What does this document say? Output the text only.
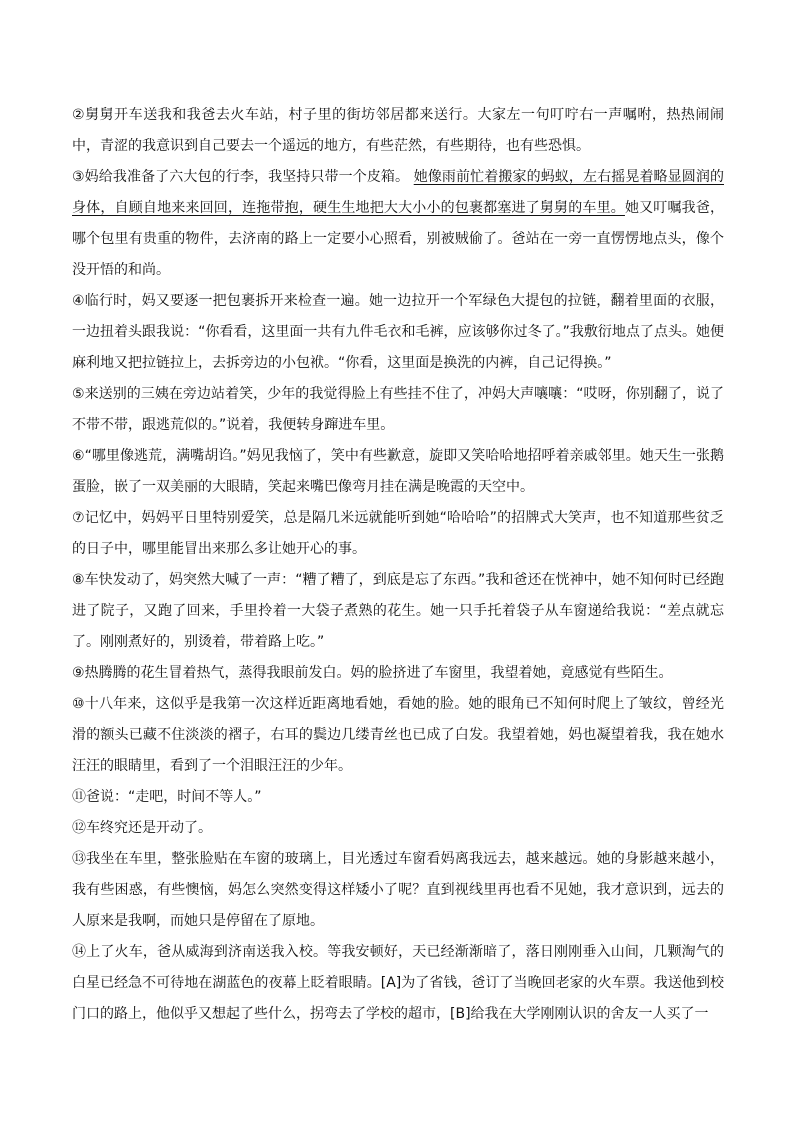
②舅舅开车送我和我爸去火车站，村子里的街坊邻居都来送行。大家左一句叮咛右一声嘱咐，热热闹闹中，青涩的我意识到自己要去一个遥远的地方，有些茫然，有些期待，也有些恐惧。

③妈给我准备了六大包的行李，我坚持只带一个皮箱。 她像雨前忙着搬家的蚂蚁，左右摇晃着略显圆润的身体，自顾自地来来回回，连拖带抱，硬生生地把大大小小的包裹都塞进了舅舅的车里。她又叮嘱我爸，哪个包里有贵重的物件，去济南的路上一定要小心照看，别被贼偷了。爸站在一旁一直愣愣地点头，像个没开悟的和尚。

④临行时，妈又要逐一把包裹拆开来检查一遍。她一边拉开一个军绿色大提包的拉链，翻着里面的衣服，一边扭着头跟我说：“你看看，这里面一共有九件毛衣和毛裤，应该够你过冬了。”我敷衍地点了点头。她便麻利地又把拉链拉上，去拆旁边的小包袱。“你看，这里面是换洗的内裤，自己记得换。”

⑤来送别的三姨在旁边站着笑，少年的我觉得脸上有些挂不住了，冲妈大声嚷嚷：“哎呀，你别翻了，说了不带不带，跟逃荒似的。”说着，我便转身蹿进车里。

⑥“哪里像逃荒，满嘴胡诌。”妈见我恼了，笑中有些歉意，旋即又笑哈哈地招呼着亲戚邻里。她天生一张鹅蛋脸，嵌了一双美丽的大眼睛，笑起来嘴巴像弯月挂在满是晚霞的天空中。

⑦记忆中，妈妈平日里特别爱笑，总是隔几米远就能听到她“哈哈哈”的招牌式大笑声，也不知道那些贫乏的日子中，哪里能冒出来那么多让她开心的事。

⑧车快发动了，妈突然大喊了一声：“糟了糟了，到底是忘了东西。”我和爸还在恍神中，她不知何时已经跑进了院子，又跑了回来，手里拎着一大袋子煮熟的花生。她一只手托着袋子从车窗递给我说：“差点就忘了。刚刚煮好的，别烫着，带着路上吃。”

⑨热腾腾的花生冒着热气，蒸得我眼前发白。妈的脸挤进了车窗里，我望着她，竟感觉有些陌生。

⑩十八年来，这似乎是我第一次这样近距离地看她，看她的脸。她的眼角已不知何时爬上了皱纹，曾经光滑的额头已藏不住淡淡的褶子，右耳的鬓边几缕青丝也已成了白发。我望着她，妈也凝望着我，我在她水汪汪的眼睛里，看到了一个泪眼汪汪的少年。

⑪爸说：“走吧，时间不等人。”

⑫车终究还是开动了。

⑬我坐在车里，整张脸贴在车窗的玻璃上，目光透过车窗看妈离我远去，越来越远。她的身影越来越小，我有些困惑，有些懊恼，妈怎么突然变得这样矮小了呢？直到视线里再也看不见她，我才意识到，远去的人原来是我啊，而她只是停留在了原地。

⑭上了火车，爸从威海到济南送我入校。等我安顿好，天已经渐渐暗了，落日刚刚垂入山间，几颗淘气的白星已经急不可待地在湖蓝色的夜幕上眨着眼睛。[A]为了省钱，爸订了当晚回老家的火车票。我送他到校门口的路上，他似乎又想起了些什么，拐弯去了学校的超市，[B]给我在大学刚刚认识的舍友一人买了一
